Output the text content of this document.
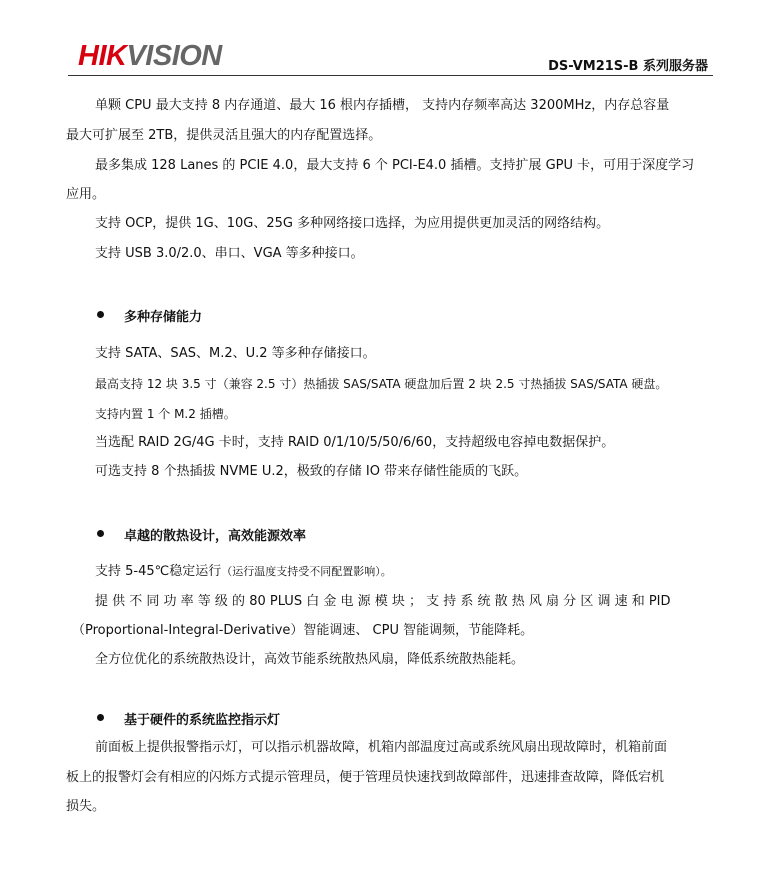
HIKVISION	DS-VM21S-B 系列服务器
单颗 CPU 最大支持 8 内存通道、最大 16 根内存插槽， 支持内存频率高达 3200MHz，内存总容量
最大可扩展至 2TB，提供灵活且强大的内存配置选择。
最多集成 128 Lanes 的 PCIE 4.0，最大支持 6 个 PCI-E4.0 插槽。支持扩展 GPU 卡，可用于深度学习
应用。
支持 OCP，提供 1G、10G、25G 多种网络接口选择，为应用提供更加灵活的网络结构。
支持 USB 3.0/2.0、串口、VGA 等多种接口。
多种存储能力
支持 SATA、SAS、M.2、U.2 等多种存储接口。
最高支持 12 块 3.5 寸（兼容 2.5 寸）热插拔 SAS/SATA 硬盘加后置 2 块 2.5 寸热插拔 SAS/SATA 硬盘。
支持内置 1 个 M.2 插槽。
当选配 RAID 2G/4G 卡时，支持 RAID 0/1/10/5/50/6/60，支持超级电容掉电数据保护。
可选支持 8 个热插拔 NVME U.2，极致的存储 IO 带来存储性能质的飞跃。
卓越的散热设计，高效能源效率
支持 5-45℃稳定运行（运行温度支持受不同配置影响）。
提 供 不 同 功 率 等 级 的 80 PLUS 白 金 电 源 模 块 ； 支 持 系 统 散 热 风 扇 分 区 调 速 和 PID
（Proportional-Integral-Derivative）智能调速、 CPU 智能调频，节能降耗。
全方位优化的系统散热设计，高效节能系统散热风扇，降低系统散热能耗。
基于硬件的系统监控指示灯
前面板上提供报警指示灯，可以指示机器故障，机箱内部温度过高或系统风扇出现故障时，机箱前面
板上的报警灯会有相应的闪烁方式提示管理员，便于管理员快速找到故障部件，迅速排查故障，降低宕机
损失。
